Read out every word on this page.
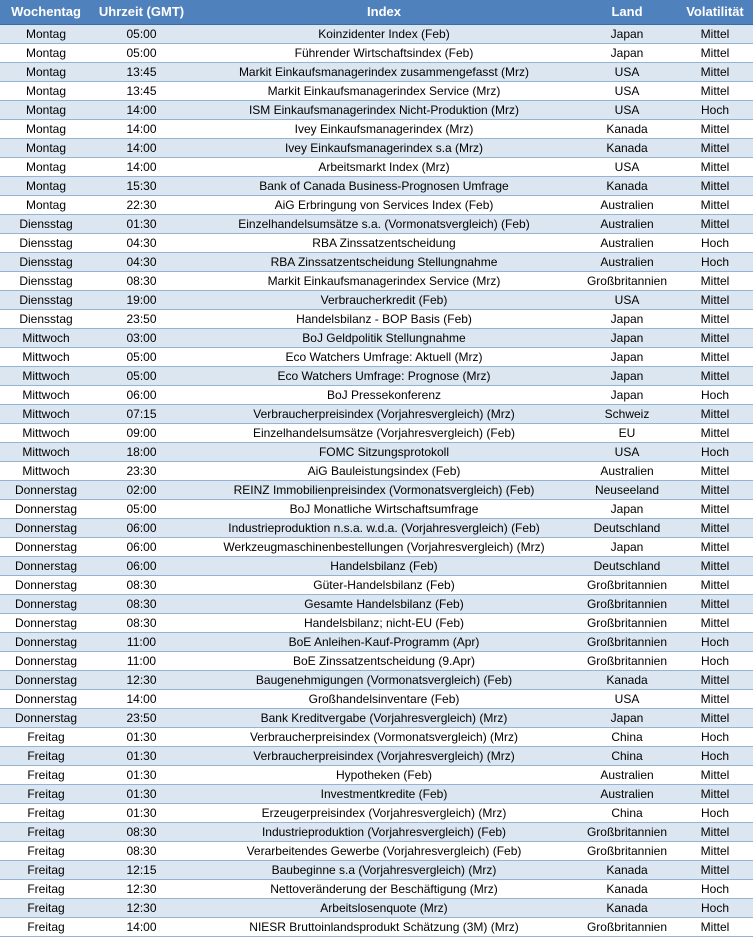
Wochentag	Uhrzeit (GMT)	Index	Land	Volatilität
Montag	05:00	Koinzidenter Index (Feb)	Japan	Mittel
Montag	05:00	Führender Wirtschaftsindex (Feb)	Japan	Mittel
Montag	13:45	Markit Einkaufsmanagerindex zusammengefasst (Mrz)	USA	Mittel
Montag	13:45	Markit Einkaufsmanagerindex Service (Mrz)	USA	Mittel
Montag	14:00	ISM Einkaufsmanagerindex Nicht-Produktion (Mrz)	USA	Hoch
Montag	14:00	Ivey Einkaufsmanagerindex (Mrz)	Kanada	Mittel
Montag	14:00	Ivey Einkaufsmanagerindex s.a (Mrz)	Kanada	Mittel
Montag	14:00	Arbeitsmarkt Index (Mrz)	USA	Mittel
Montag	15:30	Bank of Canada Business-Prognosen Umfrage	Kanada	Mittel
Montag	22:30	AiG Erbringung von Services Index (Feb)	Australien	Mittel
Diensstag	01:30	Einzelhandelsumsätze s.a. (Vormonatsvergleich) (Feb)	Australien	Mittel
Diensstag	04:30	RBA Zinssatzentscheidung	Australien	Hoch
Diensstag	04:30	RBA Zinssatzentscheidung Stellungnahme	Australien	Hoch
Diensstag	08:30	Markit Einkaufsmanagerindex Service (Mrz)	Großbritannien	Mittel
Diensstag	19:00	Verbraucherkredit (Feb)	USA	Mittel
Diensstag	23:50	Handelsbilanz - BOP Basis (Feb)	Japan	Mittel
Mittwoch	03:00	BoJ Geldpolitik Stellungnahme	Japan	Mittel
Mittwoch	05:00	Eco Watchers Umfrage: Aktuell (Mrz)	Japan	Mittel
Mittwoch	05:00	Eco Watchers Umfrage: Prognose (Mrz)	Japan	Mittel
Mittwoch	06:00	BoJ Pressekonferenz	Japan	Hoch
Mittwoch	07:15	Verbraucherpreisindex (Vorjahresvergleich) (Mrz)	Schweiz	Mittel
Mittwoch	09:00	Einzelhandelsumsätze (Vorjahresvergleich) (Feb)	EU	Mittel
Mittwoch	18:00	FOMC Sitzungsprotokoll	USA	Hoch
Mittwoch	23:30	AiG Bauleistungsindex (Feb)	Australien	Mittel
Donnerstag	02:00	REINZ Immobilienpreisindex (Vormonatsvergleich) (Feb)	Neuseeland	Mittel
Donnerstag	05:00	BoJ Monatliche Wirtschaftsumfrage	Japan	Mittel
Donnerstag	06:00	Industrieproduktion n.s.a. w.d.a. (Vorjahresvergleich) (Feb)	Deutschland	Mittel
Donnerstag	06:00	Werkzeugmaschinenbestellungen (Vorjahresvergleich) (Mrz)	Japan	Mittel
Donnerstag	06:00	Handelsbilanz (Feb)	Deutschland	Mittel
Donnerstag	08:30	Güter-Handelsbilanz (Feb)	Großbritannien	Mittel
Donnerstag	08:30	Gesamte Handelsbilanz (Feb)	Großbritannien	Mittel
Donnerstag	08:30	Handelsbilanz; nicht-EU (Feb)	Großbritannien	Mittel
Donnerstag	11:00	BoE Anleihen-Kauf-Programm (Apr)	Großbritannien	Hoch
Donnerstag	11:00	BoE Zinssatzentscheidung (9.Apr)	Großbritannien	Hoch
Donnerstag	12:30	Baugenehmigungen (Vormonatsvergleich) (Feb)	Kanada	Mittel
Donnerstag	14:00	Großhandelsinventare (Feb)	USA	Mittel
Donnerstag	23:50	Bank Kreditvergabe (Vorjahresvergleich) (Mrz)	Japan	Mittel
Freitag	01:30	Verbraucherpreisindex (Vormonatsvergleich) (Mrz)	China	Hoch
Freitag	01:30	Verbraucherpreisindex (Vorjahresvergleich) (Mrz)	China	Hoch
Freitag	01:30	Hypotheken (Feb)	Australien	Mittel
Freitag	01:30	Investmentkredite (Feb)	Australien	Mittel
Freitag	01:30	Erzeugerpreisindex (Vorjahresvergleich) (Mrz)	China	Hoch
Freitag	08:30	Industrieproduktion (Vorjahresvergleich) (Feb)	Großbritannien	Mittel
Freitag	08:30	Verarbeitendes Gewerbe (Vorjahresvergleich) (Feb)	Großbritannien	Mittel
Freitag	12:15	Baubeginne s.a (Vorjahresvergleich) (Mrz)	Kanada	Mittel
Freitag	12:30	Nettoveränderung der Beschäftigung (Mrz)	Kanada	Hoch
Freitag	12:30	Arbeitslosenquote (Mrz)	Kanada	Hoch
Freitag	14:00	NIESR Bruttoinlandsprodukt Schätzung (3M) (Mrz)	Großbritannien	Mittel
